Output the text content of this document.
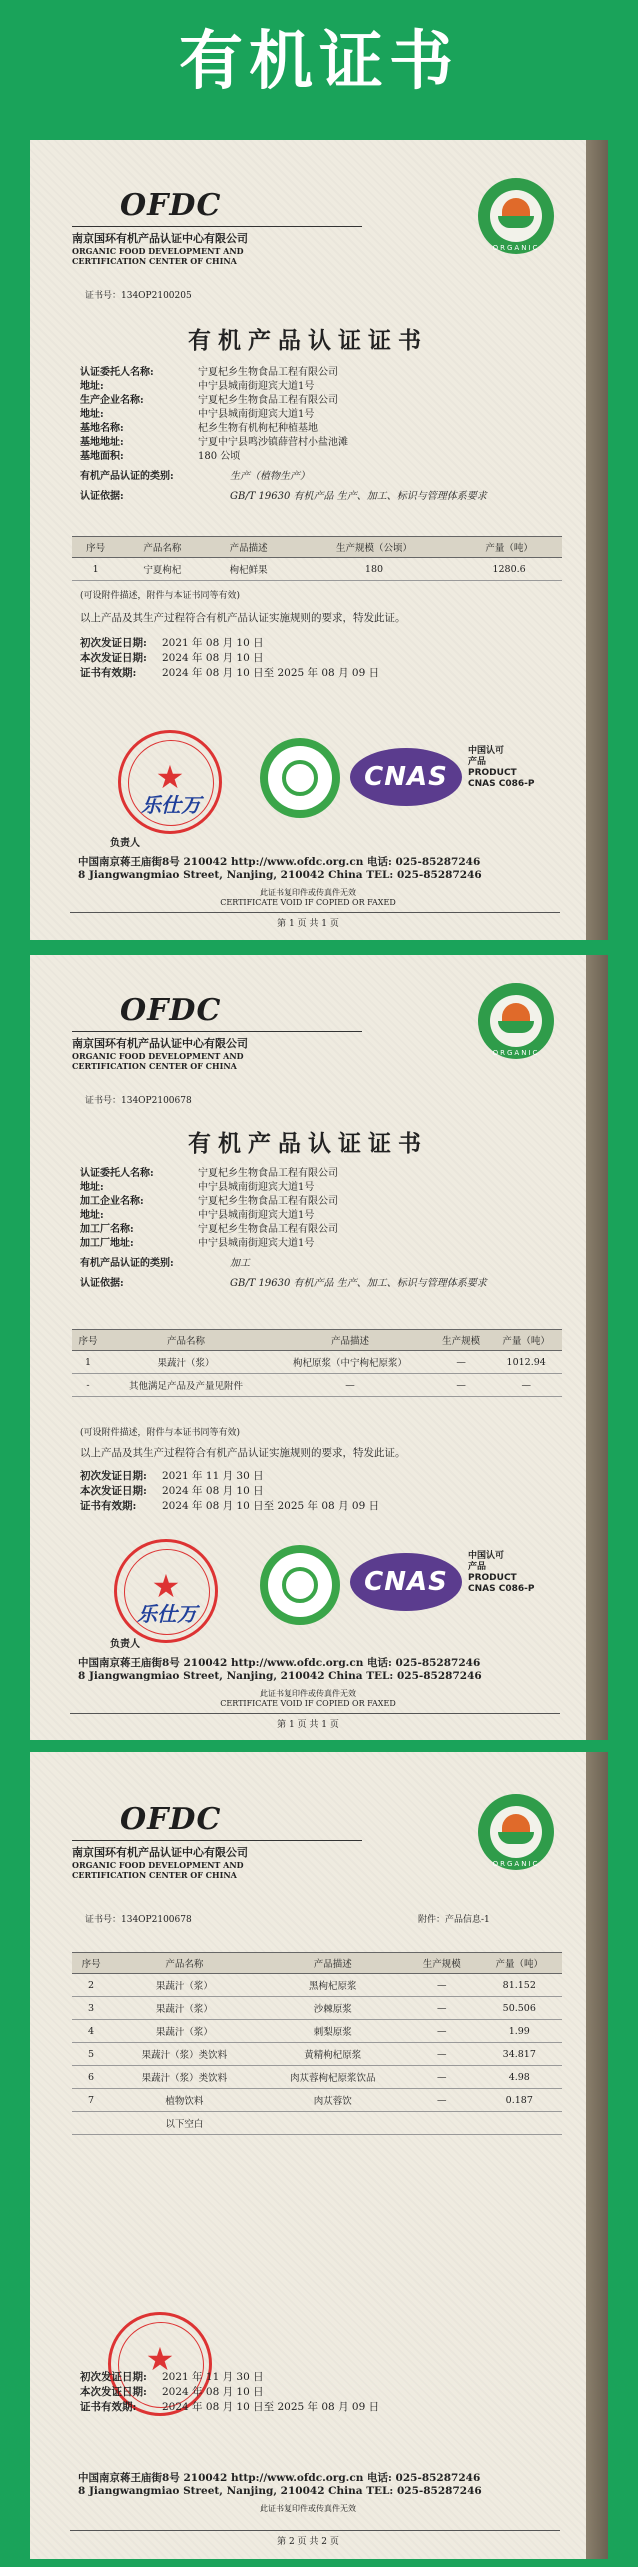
有机证书
OFDC
南京国环有机产品认证中心有限公司
ORGANIC FOOD DEVELOPMENT AND
CERTIFICATION CENTER OF CHINA
ORGANIC
证书号：134OP2100205
有机产品认证证书
认证委托人名称:	宁夏杞乡生物食品工程有限公司
地址:	中宁县城南街迎宾大道1号
生产企业名称:	宁夏杞乡生物食品工程有限公司
地址:	中宁县城南街迎宾大道1号
基地名称:	杞乡生物有机枸杞种植基地
基地地址:	宁夏中宁县鸣沙镇薛营村小盐池滩
基地面积:	180 公顷
有机产品认证的类别:	生产（植物生产）
认证依据:	GB/T 19630 有机产品 生产、加工、标识与管理体系要求
序号	产品名称	产品描述	生产规模（公顷）	产量（吨）
1	宁夏枸杞	枸杞鲜果	180	1280.6
(可设附件描述，附件与本证书同等有效)
以上产品及其生产过程符合有机产品认证实施规则的要求，特发此证。
初次发证日期:	2021 年 08 月 10 日
本次发证日期:	2024 年 08 月 10 日
证书有效期:	2024 年 08 月 10 日至 2025 年 08 月 09 日
★
乐仕万
负责人
CNAS
中国认可
产品
PRODUCT
CNAS C086-P
中国南京蒋王庙街8号 210042 http://www.ofdc.org.cn 电话: 025-85287246
8 Jiangwangmiao Street, Nanjing, 210042 China TEL: 025-85287246
此证书复印件或传真件无效
CERTIFICATE VOID IF COPIED OR FAXED
第 1 页 共 1 页
OFDC
南京国环有机产品认证中心有限公司
ORGANIC FOOD DEVELOPMENT AND
CERTIFICATION CENTER OF CHINA
ORGANIC
证书号：134OP2100678
有机产品认证证书
认证委托人名称:	宁夏杞乡生物食品工程有限公司
地址:	中宁县城南街迎宾大道1号
加工企业名称:	宁夏杞乡生物食品工程有限公司
地址:	中宁县城南街迎宾大道1号
加工厂名称:	宁夏杞乡生物食品工程有限公司
加工厂地址:	中宁县城南街迎宾大道1号
有机产品认证的类别:	加工
认证依据:	GB/T 19630 有机产品 生产、加工、标识与管理体系要求
序号	产品名称	产品描述	生产规模	产量（吨）
1	果蔬汁（浆）	枸杞原浆（中宁枸杞原浆）	—	1012.94
-	其他满足产品及产量见附件	—	—	—
(可设附件描述，附件与本证书同等有效)
以上产品及其生产过程符合有机产品认证实施规则的要求，特发此证。
初次发证日期:	2021 年 11 月 30 日
本次发证日期:	2024 年 08 月 10 日
证书有效期:	2024 年 08 月 10 日至 2025 年 08 月 09 日
★
乐仕万
负责人
CNAS
中国认可
产品
PRODUCT
CNAS C086-P
中国南京蒋王庙街8号 210042 http://www.ofdc.org.cn 电话: 025-85287246
8 Jiangwangmiao Street, Nanjing, 210042 China TEL: 025-85287246
此证书复印件或传真件无效
CERTIFICATE VOID IF COPIED OR FAXED
第 1 页 共 1 页
OFDC
南京国环有机产品认证中心有限公司
ORGANIC FOOD DEVELOPMENT AND
CERTIFICATION CENTER OF CHINA
ORGANIC
证书号：134OP2100678	附件：产品信息-1
序号	产品名称	产品描述	生产规模	产量（吨）
2	果蔬汁（浆）	黑枸杞原浆	—	81.152
3	果蔬汁（浆）	沙棘原浆	—	50.506
4	果蔬汁（浆）	刺梨原浆	—	1.99
5	果蔬汁（浆）类饮料	黄精枸杞原浆	—	34.817
6	果蔬汁（浆）类饮料	肉苁蓉枸杞原浆饮品	—	4.98
7	植物饮料	肉苁蓉饮	—	0.187
	以下空白			
★
初次发证日期:	2021 年 11 月 30 日
本次发证日期:	2024 年 08 月 10 日
证书有效期:	2024 年 08 月 10 日至 2025 年 08 月 09 日
中国南京蒋王庙街8号 210042 http://www.ofdc.org.cn 电话: 025-85287246
8 Jiangwangmiao Street, Nanjing, 210042 China TEL: 025-85287246
此证书复印件或传真件无效
第 2 页 共 2 页
